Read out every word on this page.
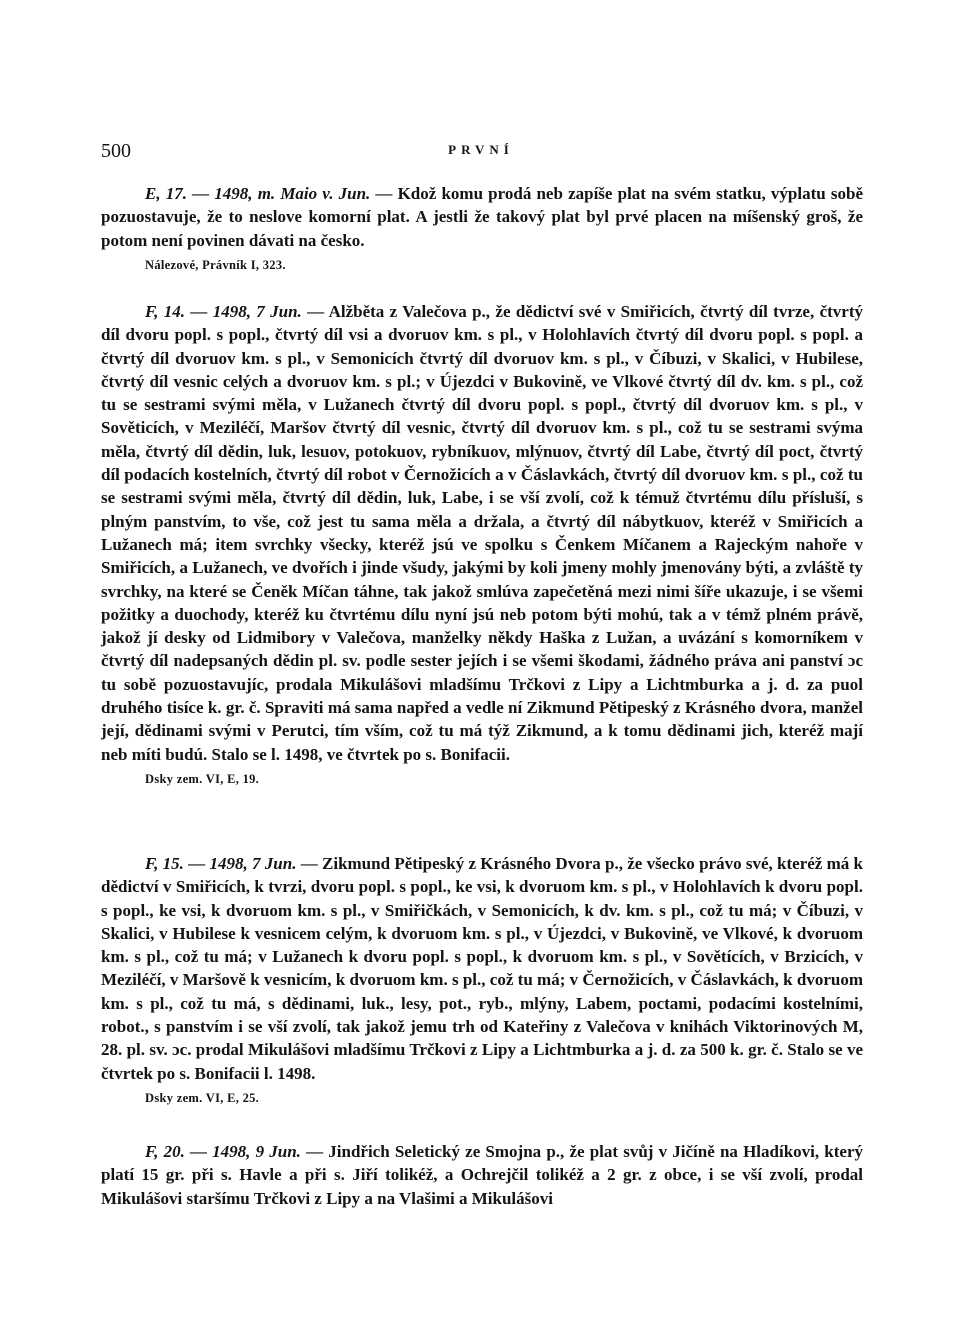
500	PRVNÍ

E, 17. — 1498, m. Maio v. Jun. — Kdož komu prodá neb zapíše plat na svém statku, výplatu sobě pozuostavuje, že to neslove komorní plat. A jestli že takový plat byl prvé placen na míšenský groš, že potom není povinen dávati na česko.

Nálezové, Právník I, 323.

F, 14. — 1498, 7 Jun. — Alžběta z Valečova p., že dědictví své v Smiřicích, čtvrtý díl tvrze, čtvrtý díl dvoru popl. s popl., čtvrtý díl vsi a dvoruov km. s pl., v Holohlavích čtvrtý díl dvoru popl. s popl. a čtvrtý díl dvoruov km. s pl., v Semonicích čtvrtý díl dvoruov km. s pl., v Číbuzi, v Skalici, v Hubilese, čtvrtý díl vesnic celých a dvoruov km. s pl.; v Újezdci v Bukovině, ve Vlkové čtvrtý díl dv. km. s pl., což tu se sestrami svými měla, v Lužanech čtvrtý díl dvoru popl. s popl., čtvrtý díl dvoruov km. s pl., v Sověticích, v Meziléčí, Maršov čtvrtý díl vesnic, čtvrtý díl dvoruov km. s pl., což tu se sestrami svýma měla, čtvrtý díl dědin, luk, lesuov, potokuov, rybníkuov, mlýnuov, čtvrtý díl Labe, čtvrtý díl poct, čtvrtý díl podacích kostelních, čtvrtý díl robot v Černožicích a v Čáslavkách, čtvrtý díl dvoruov km. s pl., což tu se sestrami svými měla, čtvrtý díl dědin, luk, Labe, i se vší zvolí, což k témuž čtvrtému dílu přísluší, s plným panstvím, to vše, což jest tu sama měla a držala, a čtvrtý díl nábytkuov, kteréž v Smiřicích a Lužanech má; item svrchky všecky, kteréž jsú ve spolku s Čenkem Míčanem a Rajeckým nahoře v Smiřicích, a Lužanech, ve dvořích i jinde všudy, jakými by koli jmeny mohly jmenovány býti, a zvláště ty svrchky, na které se Čeněk Míčan táhne, tak jakož smlúva zapečetěná mezi nimi šíře ukazuje, i se všemi požitky a duochody, kteréž ku čtvrtému dílu nyní jsú neb potom býti mohú, tak a v témž plném právě, jakož jí desky od Lidmibory v Valečova, manželky někdy Haška z Lužan, a uvázání s komorníkem v čtvrtý díl nadepsaných dědin pl. sv. podle sester jejích i se všemi škodami, žádného práva ani panství ɔc tu sobě pozuostavujíc, prodala Mikulášovi mladšímu Trčkovi z Lipy a Lichtmburka a j. d. za puol druhého tisíce k. gr. č. Spraviti má sama napřed a vedle ní Zikmund Pětipeský z Krásného dvora, manžel její, dědinami svými v Perutci, tím vším, což tu má týž Zikmund, a k tomu dědinami jich, kteréž mají neb míti budú. Stalo se l. 1498, ve čtvrtek po s. Bonifacii.

Dsky zem. VI, E, 19.

F, 15. — 1498, 7 Jun. — Zikmund Pětipeský z Krásného Dvora p., že všecko právo své, kteréž má k dědictví v Smiřicích, k tvrzi, dvoru popl. s popl., ke vsi, k dvoruom km. s pl., v Holohlavích k dvoru popl. s popl., ke vsi, k dvoruom km. s pl., v Smiřičkách, v Semonicích, k dv. km. s pl., což tu má; v Číbuzi, v Skalici, v Hubilese k vesnicem celým, k dvoruom km. s pl., v Újezdci, v Bukovině, ve Vlkové, k dvoruom km. s pl., což tu má; v Lužanech k dvoru popl. s popl., k dvoruom km. s pl., v Sovětících, v Brzicích, v Meziléčí, v Maršově k vesnicím, k dvoruom km. s pl., což tu má; v Černožicích, v Čáslavkách, k dvoruom km. s pl., což tu má, s dědinami, luk., lesy, pot., ryb., mlýny, Labem, poctami, podacími kostelními, robot., s panstvím i se vší zvolí, tak jakož jemu trh od Kateřiny z Valečova v knihách Viktorinových M, 28. pl. sv. ɔc. prodal Mikulášovi mladšímu Trčkovi z Lipy a Lichtmburka a j. d. za 500 k. gr. č. Stalo se ve čtvrtek po s. Bonifacii l. 1498.

Dsky zem. VI, E, 25.

F, 20. — 1498, 9 Jun. — Jindřich Seletický ze Smojna p., že plat svůj v Jičíně na Hladíkovi, který platí 15 gr. při s. Havle a při s. Jiří tolikéž, a Ochrejčil tolikéž a 2 gr. z obce, i se vší zvolí, prodal Mikulášovi staršímu Trčkovi z Lipy a na Vlašimi a Mikulášovi
